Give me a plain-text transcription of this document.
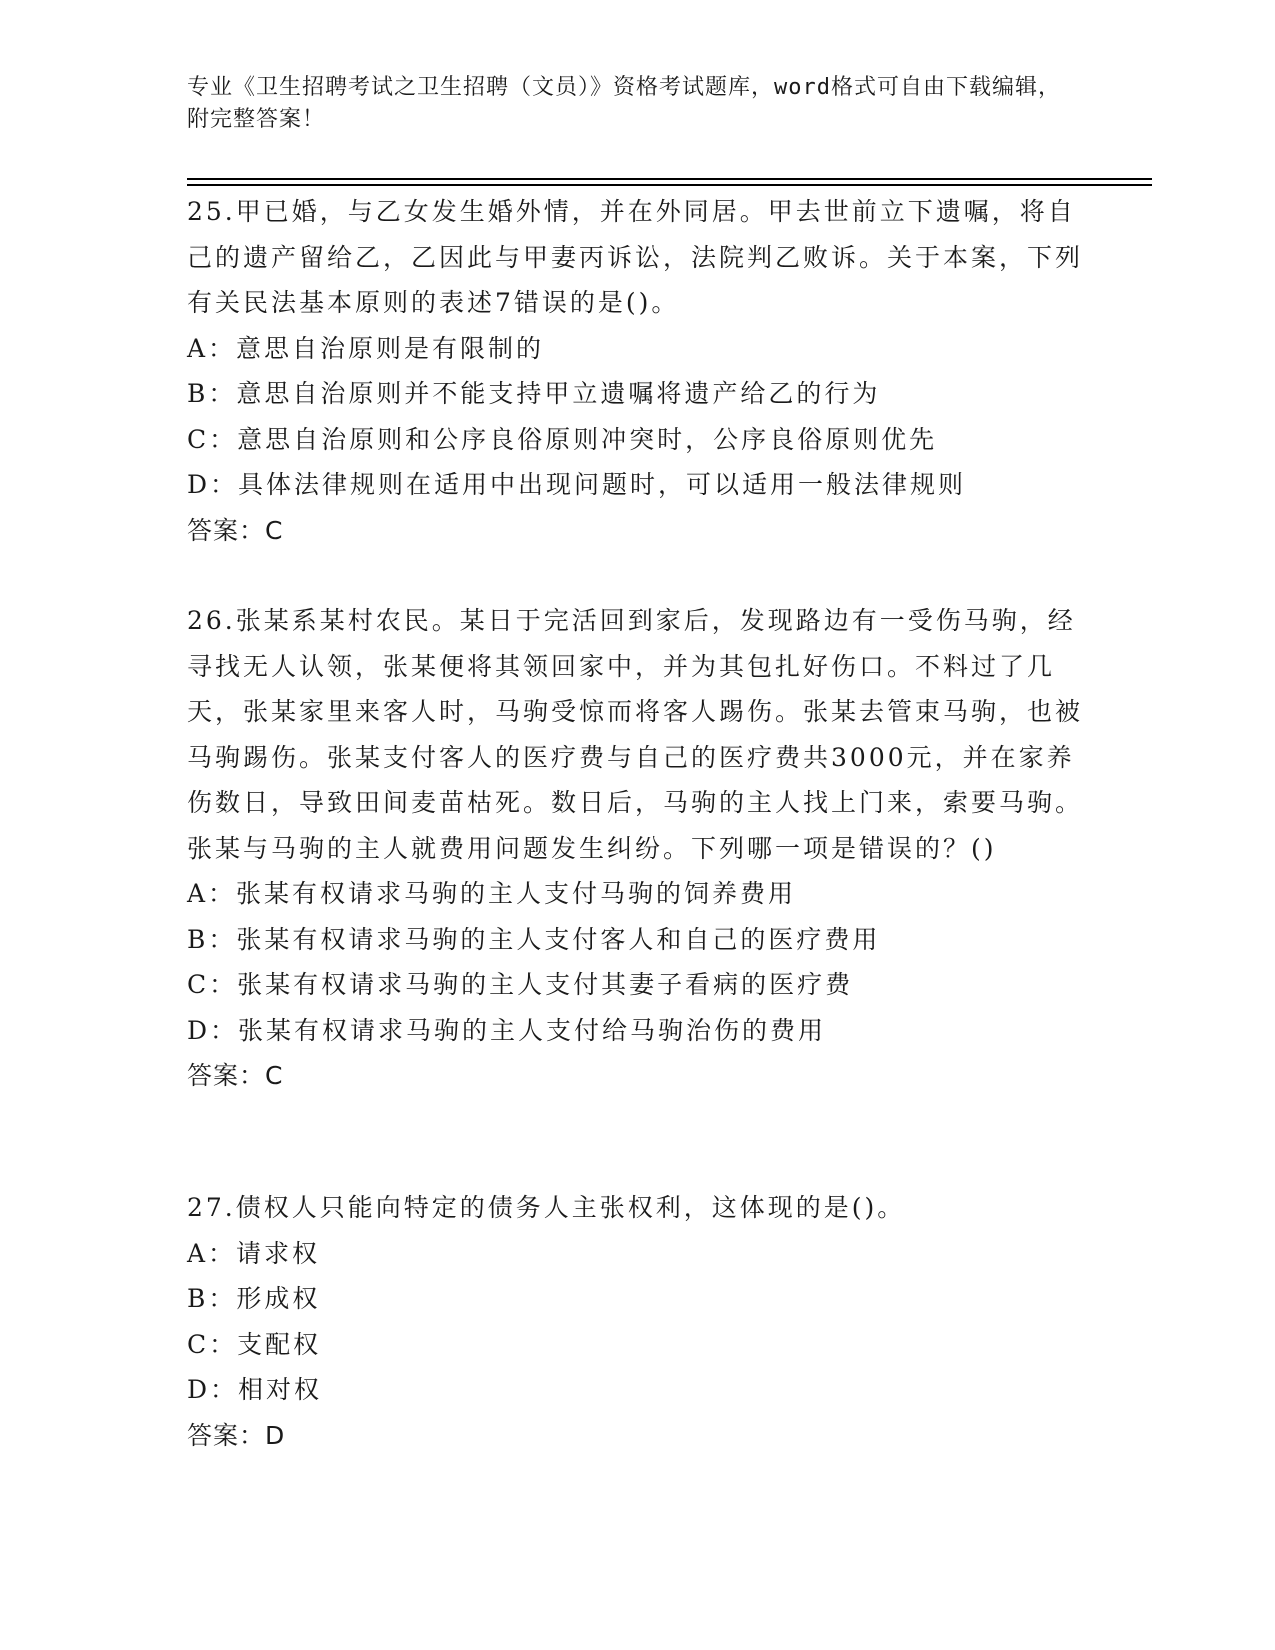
专业《卫生招聘考试之卫生招聘（文员）》资格考试题库，word格式可自由下载编辑，附完整答案！
25.甲已婚，与乙女发生婚外情，并在外同居。甲去世前立下遗嘱，将自己的遗产留给乙，乙因此与甲妻丙诉讼，法院判乙败诉。关于本案，下列有关民法基本原则的表述7错误的是()。
A：意思自治原则是有限制的
B：意思自治原则并不能支持甲立遗嘱将遗产给乙的行为
C：意思自治原则和公序良俗原则冲突时，公序良俗原则优先
D：具体法律规则在适用中出现问题时，可以适用一般法律规则
答案：C
26.张某系某村农民。某日于完活回到家后，发现路边有一受伤马驹，经寻找无人认领，张某便将其领回家中，并为其包扎好伤口。不料过了几天，张某家里来客人时，马驹受惊而将客人踢伤。张某去管束马驹，也被马驹踢伤。张某支付客人的医疗费与自己的医疗费共3000元，并在家养伤数日，导致田间麦苗枯死。数日后，马驹的主人找上门来，索要马驹。张某与马驹的主人就费用问题发生纠纷。下列哪一项是错误的？()
A：张某有权请求马驹的主人支付马驹的饲养费用
B：张某有权请求马驹的主人支付客人和自己的医疗费用
C：张某有权请求马驹的主人支付其妻子看病的医疗费
D：张某有权请求马驹的主人支付给马驹治伤的费用
答案：C
27.债权人只能向特定的债务人主张权利，这体现的是()。
A：请求权
B：形成权
C：支配权
D：相对权
答案：D
